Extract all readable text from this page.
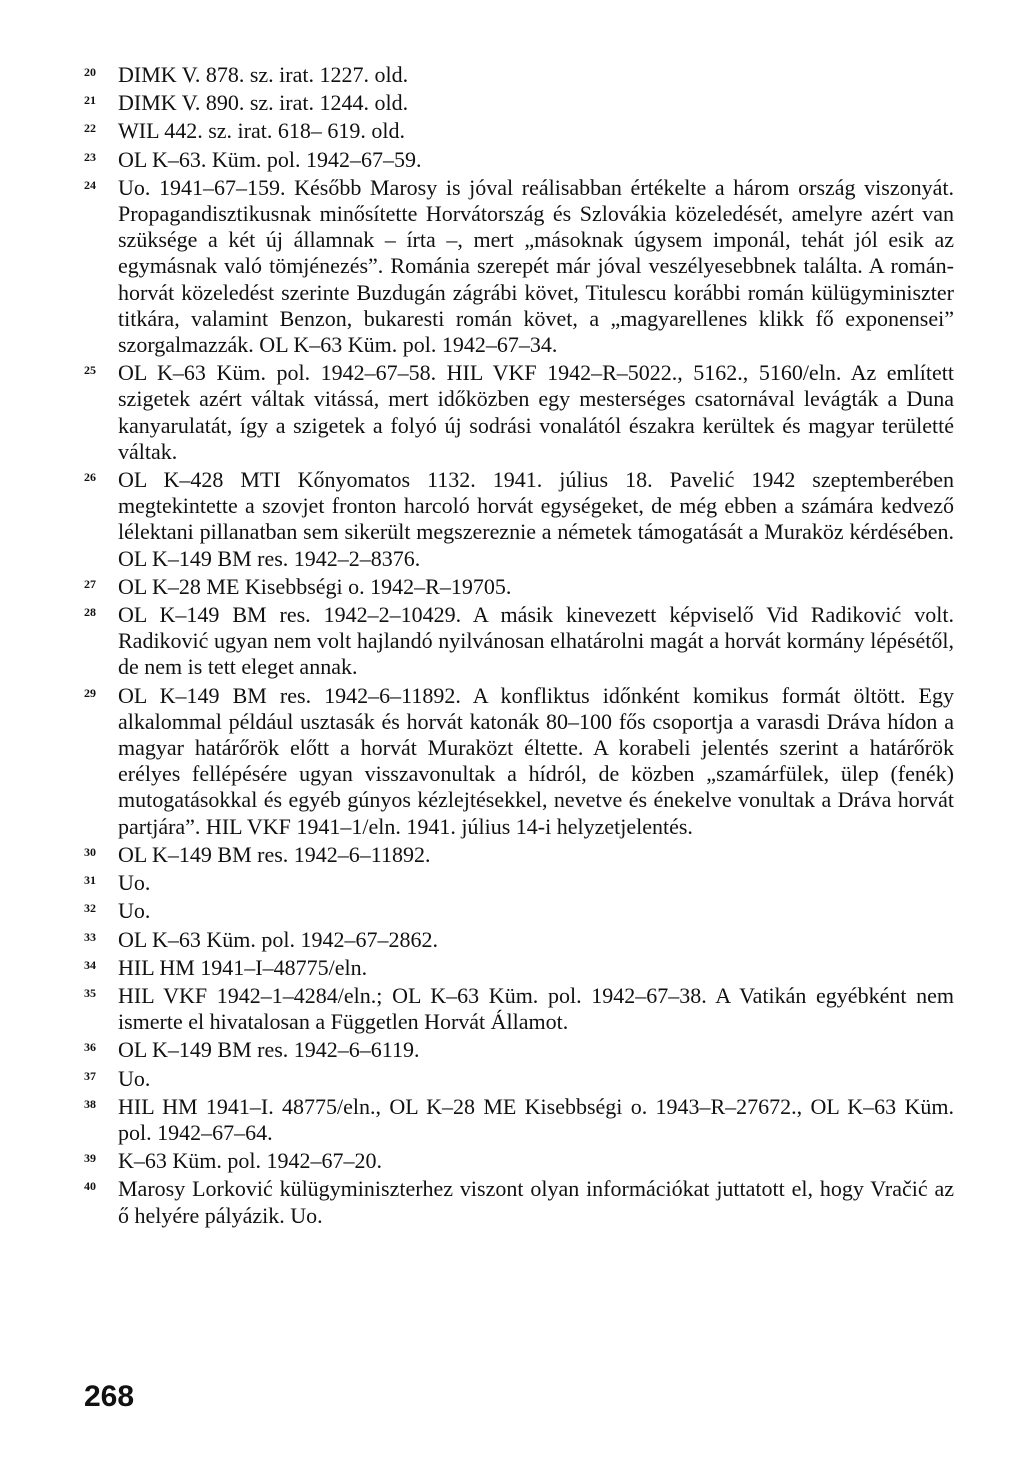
20	DIMK V. 878. sz. irat. 1227. old.
21	DIMK V. 890. sz. irat. 1244. old.
22	WIL 442. sz. irat. 618– 619. old.
23	OL K–63. Küm. pol. 1942–67–59.
24	Uo. 1941–67–159. Később Marosy is jóval reálisabban értékelte a három ország viszonyát. Propagandisztikusnak minősítette Horvátország és Szlovákia közeledését, amelyre azért van szüksége a két új államnak – írta –, mert „másoknak úgysem imponál, tehát jól esik az egymásnak való tömjénezés”. Románia szerepét már jóval veszélyesebbnek találta. A román-horvát közeledést szerinte Buzdugán zágrábi követ, Titulescu korábbi román külügyminiszter titkára, valamint Benzon, bukaresti román követ, a „magyarellenes klikk fő exponensei” szorgalmazzák. OL K–63 Küm. pol. 1942–67–34.
25	OL K–63 Küm. pol. 1942–67–58. HIL VKF 1942–R–5022., 5162., 5160/eln. Az említett szigetek azért váltak vitássá, mert időközben egy mesterséges csatornával levágták a Duna kanyarulatát, így a szigetek a folyó új sodrási vonalától északra kerültek és magyar területté váltak.
26	OL K–428 MTI Kőnyomatos 1132. 1941. július 18. Pavelić 1942 szeptemberében megtekintette a szovjet fronton harcoló horvát egységeket, de még ebben a számára kedvező lélektani pillanatban sem sikerült megszereznie a németek támogatását a Muraköz kérdésében. OL K–149 BM res. 1942–2–8376.
27	OL K–28 ME Kisebbségi o. 1942–R–19705.
28	OL K–149 BM res. 1942–2–10429. A másik kinevezett képviselő Vid Radiković volt. Radiković ugyan nem volt hajlandó nyilvánosan elhatárolni magát a horvát kormány lépésétől, de nem is tett eleget annak.
29	OL K–149 BM res. 1942–6–11892. A konfliktus időnként komikus formát öltött. Egy alkalommal például usztasák és horvát katonák 80–100 fős csoportja a varasdi Dráva hídon a magyar határőrök előtt a horvát Muraközt éltette. A korabeli jelentés szerint a határőrök erélyes fellépésére ugyan visszavonultak a hídról, de közben „szamárfülek, ülep (fenék) mutogatásokkal és egyéb gúnyos kézlejtésekkel, nevetve és énekelve vonultak a Dráva horvát partjára”. HIL VKF 1941–1/eln. 1941. július 14-i helyzetjelentés.
30	OL K–149 BM res. 1942–6–11892.
31	Uo.
32	Uo.
33	OL K–63 Küm. pol. 1942–67–2862.
34	HIL HM 1941–I–48775/eln.
35	HIL VKF 1942–1–4284/eln.; OL K–63 Küm. pol. 1942–67–38. A Vatikán egyébként nem ismerte el hivatalosan a Független Horvát Államot.
36	OL K–149 BM res. 1942–6–6119.
37	Uo.
38	HIL HM 1941–I. 48775/eln., OL K–28 ME Kisebbségi o. 1943–R–27672., OL K–63 Küm. pol. 1942–67–64.
39	K–63 Küm. pol. 1942–67–20.
40	Marosy Lorković külügyminiszterhez viszont olyan információkat juttatott el, hogy Vračić az ő helyére pályázik. Uo.
268
